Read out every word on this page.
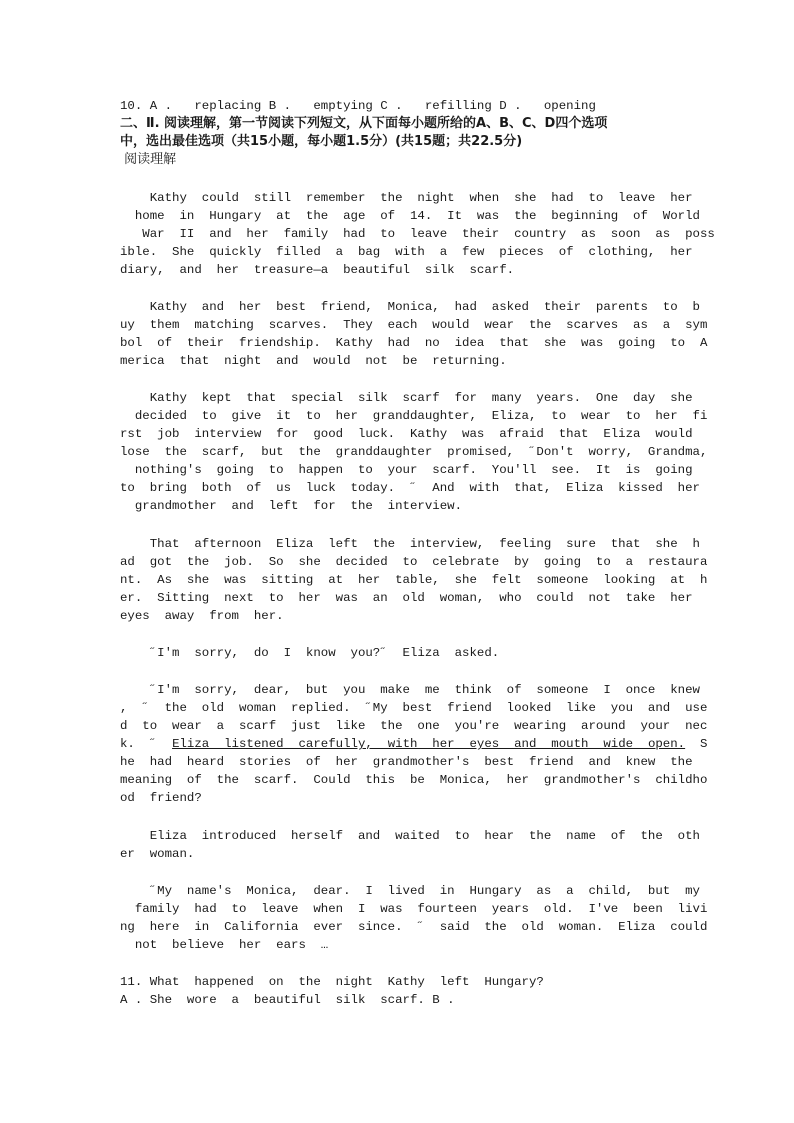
10. A .   replacing B .   emptying C .   refilling D .   opening
二、Ⅱ. 阅读理解，第一节阅读下列短文，从下面每小题所给的A、B、C、D四个选项
中，选出最佳选项（共15小题，每小题1.5分）(共15题；共22.5分)
阅读理解
Kathy  could  still  remember  the  night  when  she  had  to  leave  her
home  in  Hungary  at  the  age  of  14.  It  was  the  beginning  of  World
War  II  and  her  family  had  to  leave  their  country  as  soon  as  poss
ible.  She  quickly  filled  a  bag  with  a  few  pieces  of  clothing,  her
diary,  and  her  treasure—a  beautiful  silk  scarf.
Kathy  and  her  best  friend,  Monica,  had  asked  their  parents  to  b
uy  them  matching  scarves.  They  each  would  wear  the  scarves  as  a  sym
bol  of  their  friendship.  Kathy  had  no  idea  that  she  was  going  to  A
merica  that  night  and  would  not  be  returning.
Kathy  kept  that  special  silk  scarf  for  many  years.  One  day  she
decided  to  give  it  to  her  granddaughter,  Eliza,  to  wear  to  her  fi
rst  job  interview  for  good  luck.  Kathy  was  afraid  that  Eliza  would
lose  the  scarf,  but  the  granddaughter  promised,  ˝Don't  worry,  Grandma,
nothing's  going  to  happen  to  your  scarf.  You'll  see.  It  is  going
to  bring  both  of  us  luck  today.  ˝  And  with  that,  Eliza  kissed  her
grandmother  and  left  for  the  interview.
That  afternoon  Eliza  left  the  interview,  feeling  sure  that  she  h
ad  got  the  job.  So  she  decided  to  celebrate  by  going  to  a  restaura
nt.  As  she  was  sitting  at  her  table,  she  felt  someone  looking  at  h
er.  Sitting  next  to  her  was  an  old  woman,  who  could  not  take  her
eyes  away  from  her.
˝I'm  sorry,  do  I  know  you?˝  Eliza  asked.
˝I'm  sorry,  dear,  but  you  make  me  think  of  someone  I  once  knew
,  ˝  the  old  woman  replied.  ˝My  best  friend  looked  like  you  and  use
d  to  wear  a  scarf  just  like  the  one  you're  wearing  around  your  nec
k.  ˝  Eliza  listened  carefully,  with  her  eyes  and  mouth  wide  open.  S
he  had  heard  stories  of  her  grandmother's  best  friend  and  knew  the
meaning  of  the  scarf.  Could  this  be  Monica,  her  grandmother's  childho
od  friend?
Eliza  introduced  herself  and  waited  to  hear  the  name  of  the  oth
er  woman.
˝My  name's  Monica,  dear.  I  lived  in  Hungary  as  a  child,  but  my
family  had  to  leave  when  I  was  fourteen  years  old.  I've  been  livi
ng  here  in  California  ever  since.  ˝  said  the  old  woman.  Eliza  could
not  believe  her  ears  …
11. What  happened  on  the  night  Kathy  left  Hungary?
A . She  wore  a  beautiful  silk  scarf. B .
